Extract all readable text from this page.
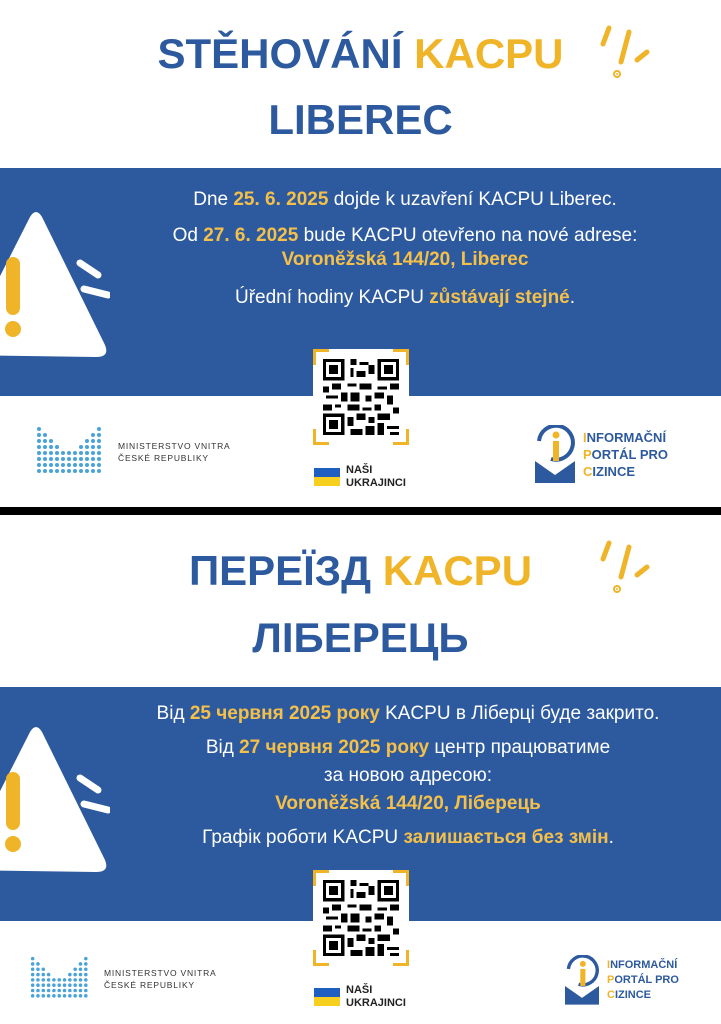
STĚHOVÁNÍ KACPU
LIBEREC

Dne 25. 6. 2025 dojde k uzavření KACPU Liberec.

Od 27. 6. 2025 bude KACPU otevřeno na nové adrese:

Voroněžská 144/20, Liberec

Úřední hodiny KACPU zůstávají stejné.

MINISTERSTVO VNITRA
ČESKÉ REPUBLIKY
NAŠI
UKRAJINCI
INFORMAČNÍ
PORTÁL PRO
CIZINCE
ПЕРЕЇЗД KACPU
ЛІБЕРЕЦЬ

Від 25 червня 2025 року KACPU в Ліберці буде закрито.

Від 27 червня 2025 року центр працюватиме

за новою адресою:

Voroněžská 144/20, Ліберець

Графік роботи KACPU залишається без змін.

MINISTERSTVO VNITRA
ČESKÉ REPUBLIKY	NAŠI
UKRAJINCI
INFORMAČNÍ
PORTÁL PRO
CIZINCE
